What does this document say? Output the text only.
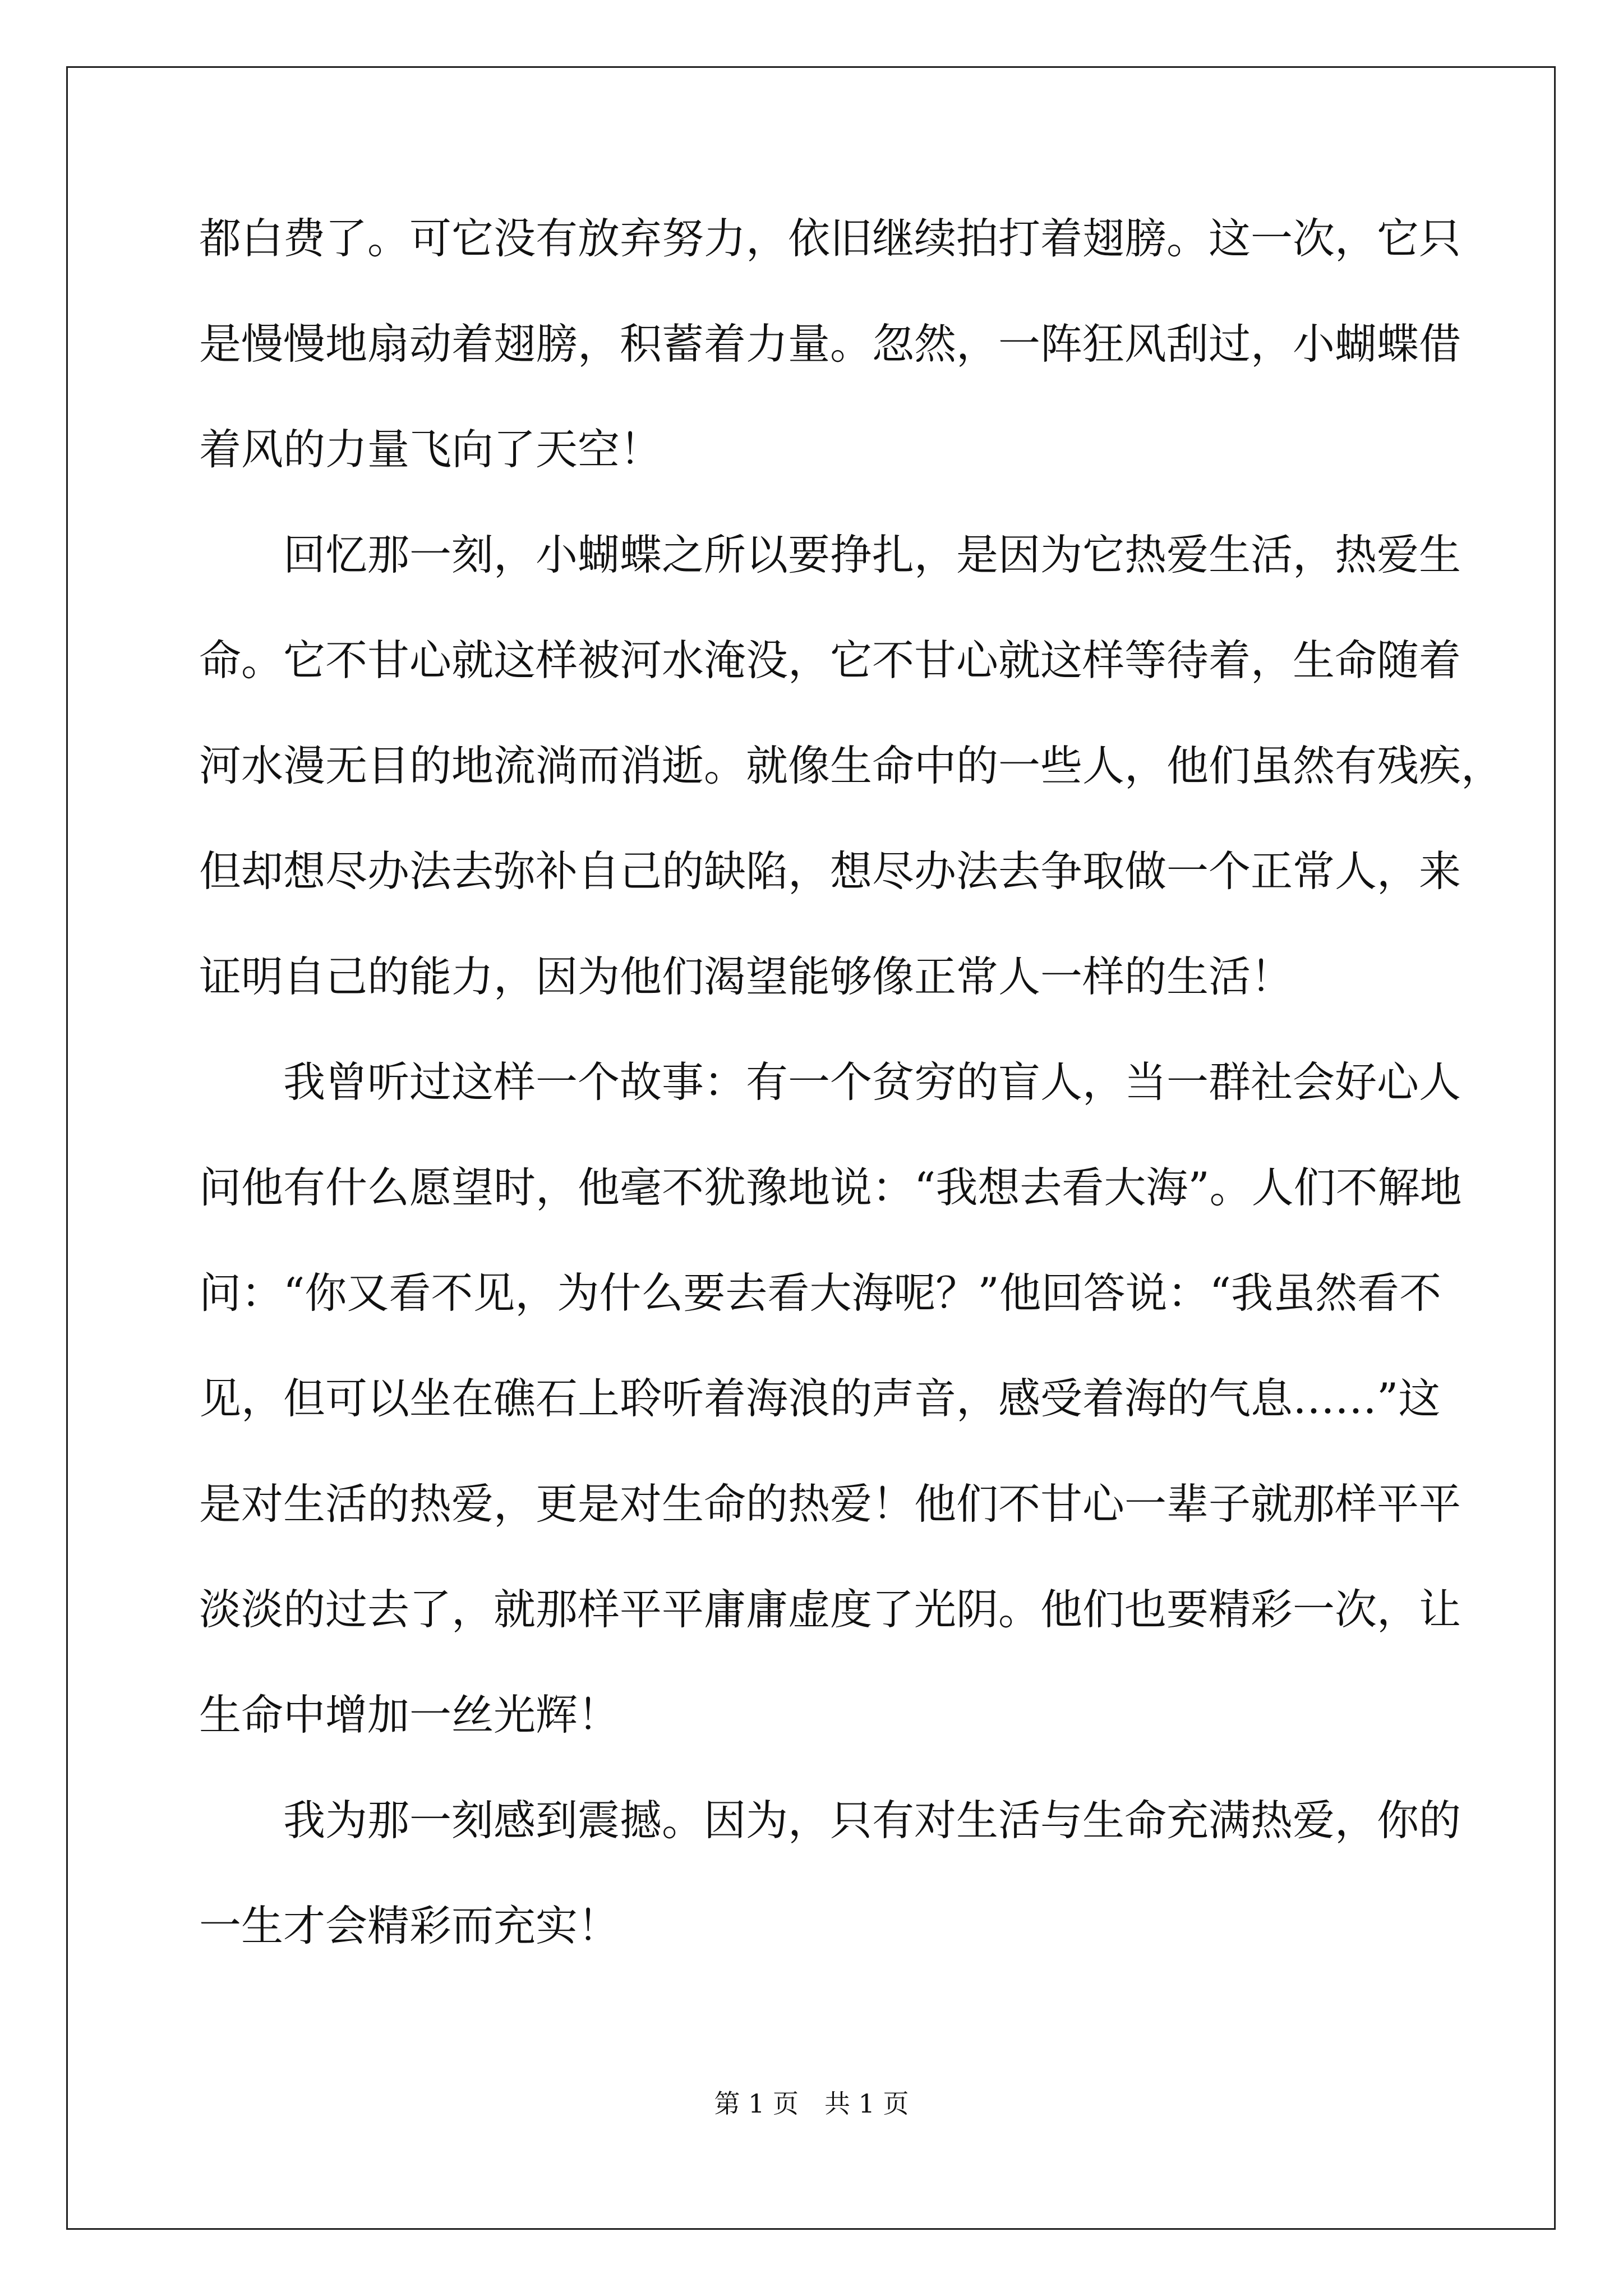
都白费了。可它没有放弃努力，依旧继续拍打着翅膀。这一次，它只
是慢慢地扇动着翅膀，积蓄着力量。忽然，一阵狂风刮过，小蝴蝶借
着风的力量飞向了天空！
　　回忆那一刻，小蝴蝶之所以要挣扎，是因为它热爱生活，热爱生
命。它不甘心就这样被河水淹没，它不甘心就这样等待着，生命随着
河水漫无目的地流淌而消逝。就像生命中的一些人，他们虽然有残疾，
但却想尽办法去弥补自己的缺陷，想尽办法去争取做一个正常人，来
证明自己的能力，因为他们渴望能够像正常人一样的生活！
　　我曾听过这样一个故事：有一个贫穷的盲人，当一群社会好心人
问他有什么愿望时，他毫不犹豫地说：“我想去看大海”。人们不解地
问：“你又看不见，为什么要去看大海呢？”他回答说：“我虽然看不
见，但可以坐在礁石上聆听着海浪的声音，感受着海的气息……”这
是对生活的热爱，更是对生命的热爱！他们不甘心一辈子就那样平平
淡淡的过去了，就那样平平庸庸虚度了光阴。他们也要精彩一次，让
生命中增加一丝光辉！
　　我为那一刻感到震撼。因为，只有对生活与生命充满热爱，你的
一生才会精彩而充实！
第 1 页　共 1 页
